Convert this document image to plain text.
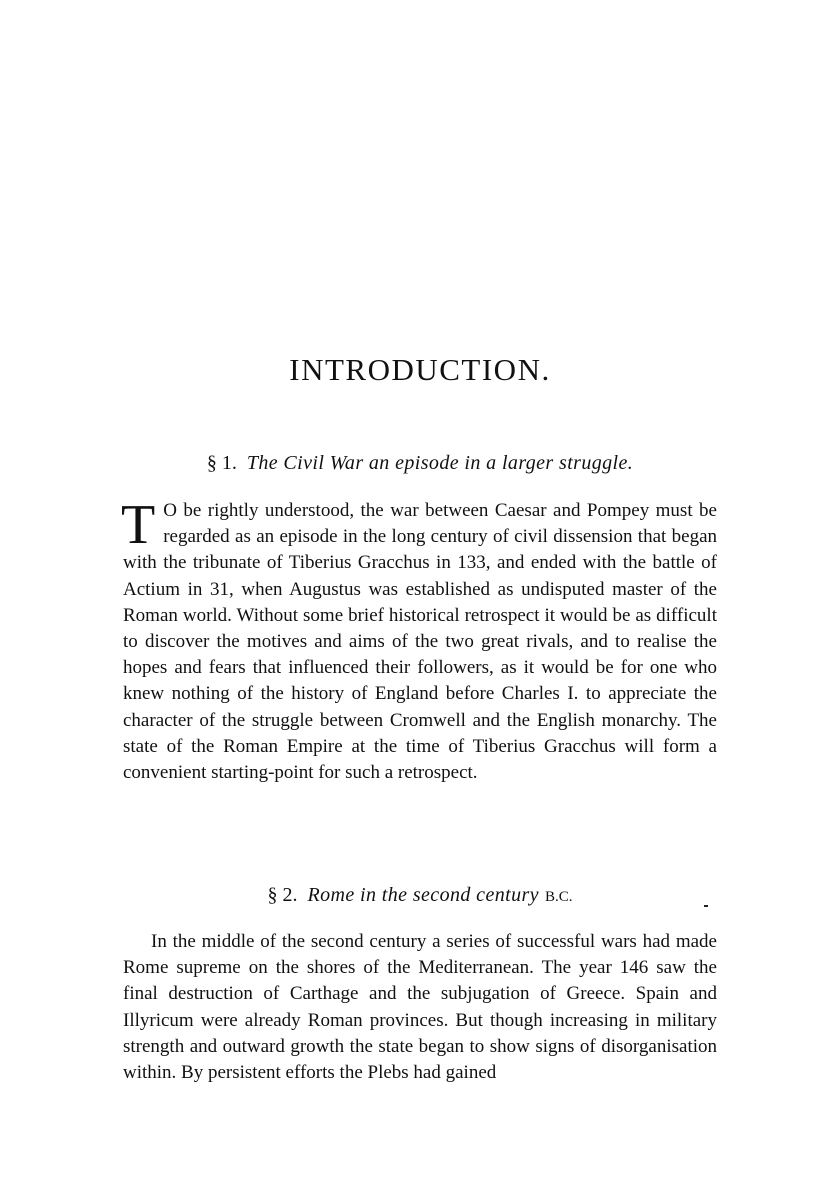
INTRODUCTION.
§ 1. The Civil War an episode in a larger struggle.

T O be rightly understood, the war between Caesar and Pompey must be regarded as an episode in the long century of civil dissension that began with the tribunate of Tiberius Gracchus in 133, and ended with the battle of Actium in 31, when Augustus was established as undisputed master of the Roman world. Without some brief historical retrospect it would be as difficult to discover the motives and aims of the two great rivals, and to realise the hopes and fears that influenced their followers, as it would be for one who knew nothing of the history of England before Charles I. to appreciate the character of the struggle between Cromwell and the English monarchy. The state of the Roman Empire at the time of Tiberius Gracchus will form a convenient starting-point for such a retrospect.

§ 2. Rome in the second century B.C.

In the middle of the second century a series of successful wars had made Rome supreme on the shores of the Mediterranean. The year 146 saw the final destruction of Carthage and the subjugation of Greece. Spain and Illyricum were already Roman provinces. But though increasing in military strength and outward growth the state began to show signs of disorganisation within. By persistent efforts the Plebs had gained
